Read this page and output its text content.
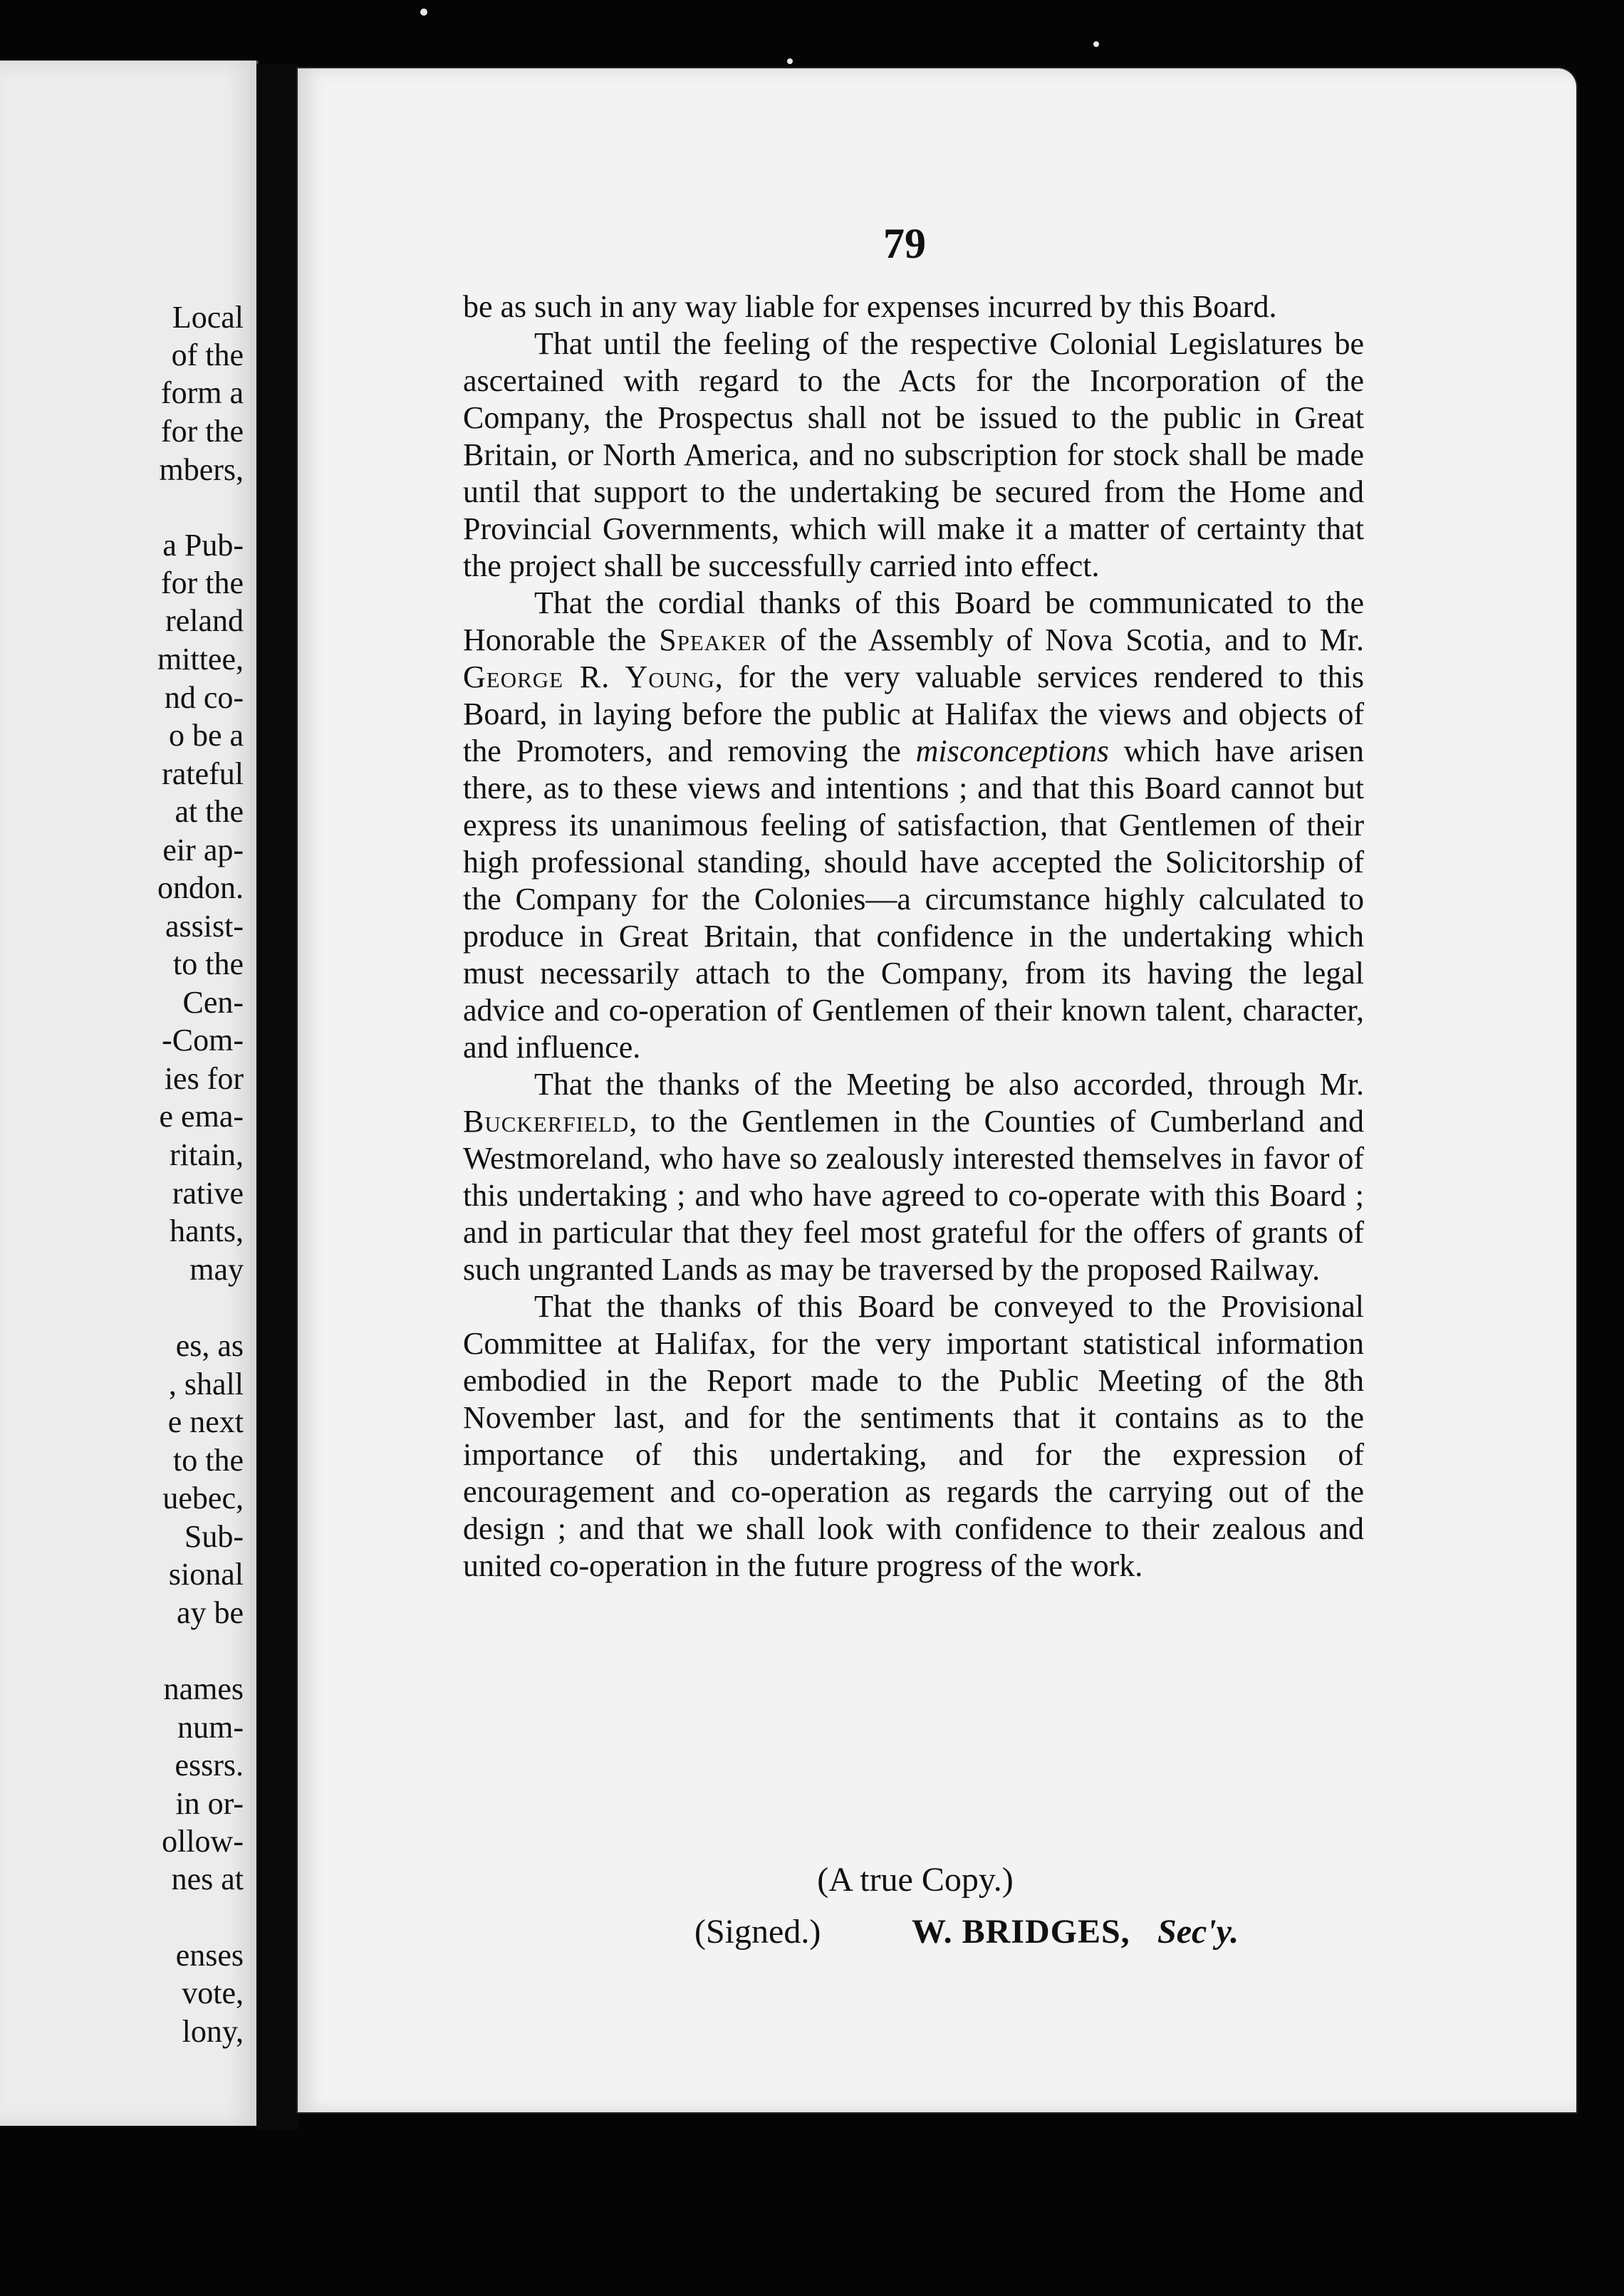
Local
of the
form a
for the
mbers,
a Pub-
for the
reland
mittee,
nd co-
o be a
rateful
at the
eir ap-
ondon.
assist-
to the
Cen-
-Com-
ies for
e ema-
ritain,
rative
hants,
may
es, as
, shall
e next
to the
uebec,
Sub-
sional
ay be
names
num-
essrs.
in or-
ollow-
nes at
enses
vote,
lony,
79

be as such in any way liable for expenses incurred by this Board.

That until the feeling of the respective Colonial Legislatures be ascertained with regard to the Acts for the Incorporation of the Company, the Prospectus shall not be issued to the public in Great Britain, or North America, and no subscription for stock shall be made until that support to the undertaking be secured from the Home and Provincial Governments, which will make it a matter of certainty that the project shall be successfully carried into effect.

That the cordial thanks of this Board be communicated to the Honorable the Speaker of the Assembly of Nova Scotia, and to Mr. George R. Young, for the very valuable services rendered to this Board, in laying before the public at Halifax the views and objects of the Promoters, and removing the misconceptions which have arisen there, as to these views and intentions ; and that this Board cannot but express its unanimous feeling of satisfaction, that Gentlemen of their high professional standing, should have accepted the Solicitorship of the Company for the Colonies—a circumstance highly calculated to produce in Great Britain, that confidence in the undertaking which must necessarily attach to the Company, from its having the legal advice and co-operation of Gentlemen of their known talent, character, and influence.

That the thanks of the Meeting be also accorded, through Mr. Buckerfield, to the Gentlemen in the Counties of Cumberland and Westmoreland, who have so zealously interested themselves in favor of this undertaking ; and who have agreed to co-operate with this Board ; and in particular that they feel most grateful for the offers of grants of such ungranted Lands as may be traversed by the proposed Railway.

That the thanks of this Board be conveyed to the Provisional Committee at Halifax, for the very important statistical information embodied in the Report made to the Public Meeting of the 8th November last, and for the sentiments that it contains as to the importance of this undertaking, and for the expression of encouragement and co-operation as regards the carrying out of the design ; and that we shall look with confidence to their zealous and united co-operation in the future progress of the work.

(A true Copy.)
(Signed.)	W. BRIDGES, Sec'y.
